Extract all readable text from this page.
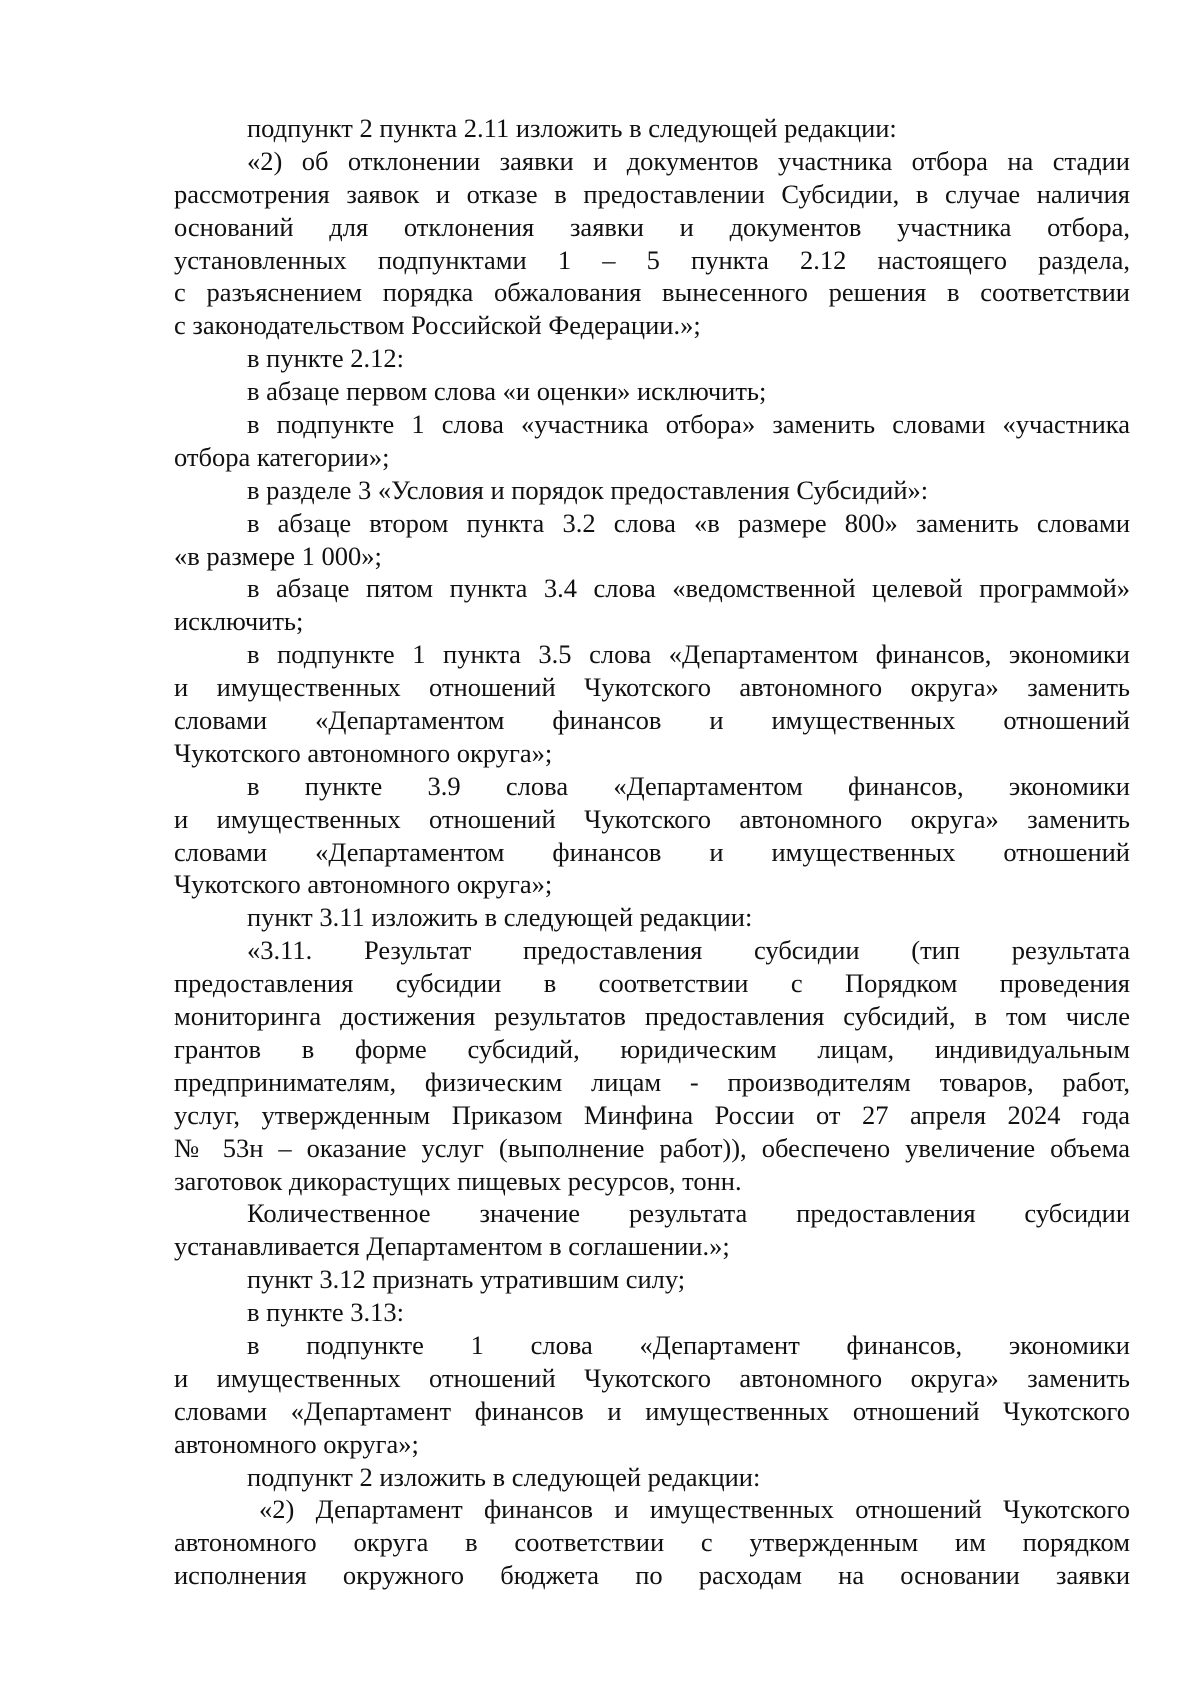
подпункт 2 пункта 2.11 изложить в следующей редакции:
«2) об отклонении заявки и документов участника отбора на стадии
рассмотрения заявок и отказе в предоставлении Субсидии, в случае наличия
оснований для отклонения заявки и документов участника отбора,
установленных подпунктами 1 – 5 пункта 2.12 настоящего раздела,
с разъяснением порядка обжалования вынесенного решения в соответствии
с законодательством Российской Федерации.»;
в пункте 2.12:
в абзаце первом слова «и оценки» исключить;
в подпункте 1 слова «участника отбора» заменить словами «участника
отбора категории»;
в разделе 3 «Условия и порядок предоставления Субсидий»:
в абзаце втором пункта 3.2 слова «в размере 800» заменить словами
«в размере 1 000»;
в абзаце пятом пункта 3.4 слова «ведомственной целевой программой»
исключить;
в подпункте 1 пункта 3.5 слова «Департаментом финансов, экономики
и имущественных отношений Чукотского автономного округа» заменить
словами «Департаментом финансов и имущественных отношений
Чукотского автономного округа»;
в пункте 3.9 слова «Департаментом финансов, экономики
и имущественных отношений Чукотского автономного округа» заменить
словами «Департаментом финансов и имущественных отношений
Чукотского автономного округа»;
пункт 3.11 изложить в следующей редакции:
«3.11. Результат предоставления субсидии (тип результата
предоставления субсидии в соответствии с Порядком проведения
мониторинга достижения результатов предоставления субсидий, в том числе
грантов в форме субсидий, юридическим лицам, индивидуальным
предпринимателям, физическим лицам - производителям товаров, работ,
услуг, утвержденным Приказом Минфина России от 27 апреля 2024 года
№ 53н – оказание услуг (выполнение работ)), обеспечено увеличение объема
заготовок дикорастущих пищевых ресурсов, тонн.
Количественное значение результата предоставления субсидии
устанавливается Департаментом в соглашении.»;
пункт 3.12 признать утратившим силу;
в пункте 3.13:
в подпункте 1 слова «Департамент финансов, экономики
и имущественных отношений Чукотского автономного округа» заменить
словами «Департамент финансов и имущественных отношений Чукотского
автономного округа»;
подпункт 2 изложить в следующей редакции:
«2) Департамент финансов и имущественных отношений Чукотского
автономного округа в соответствии с утвержденным им порядком
исполнения окружного бюджета по расходам на основании заявки
